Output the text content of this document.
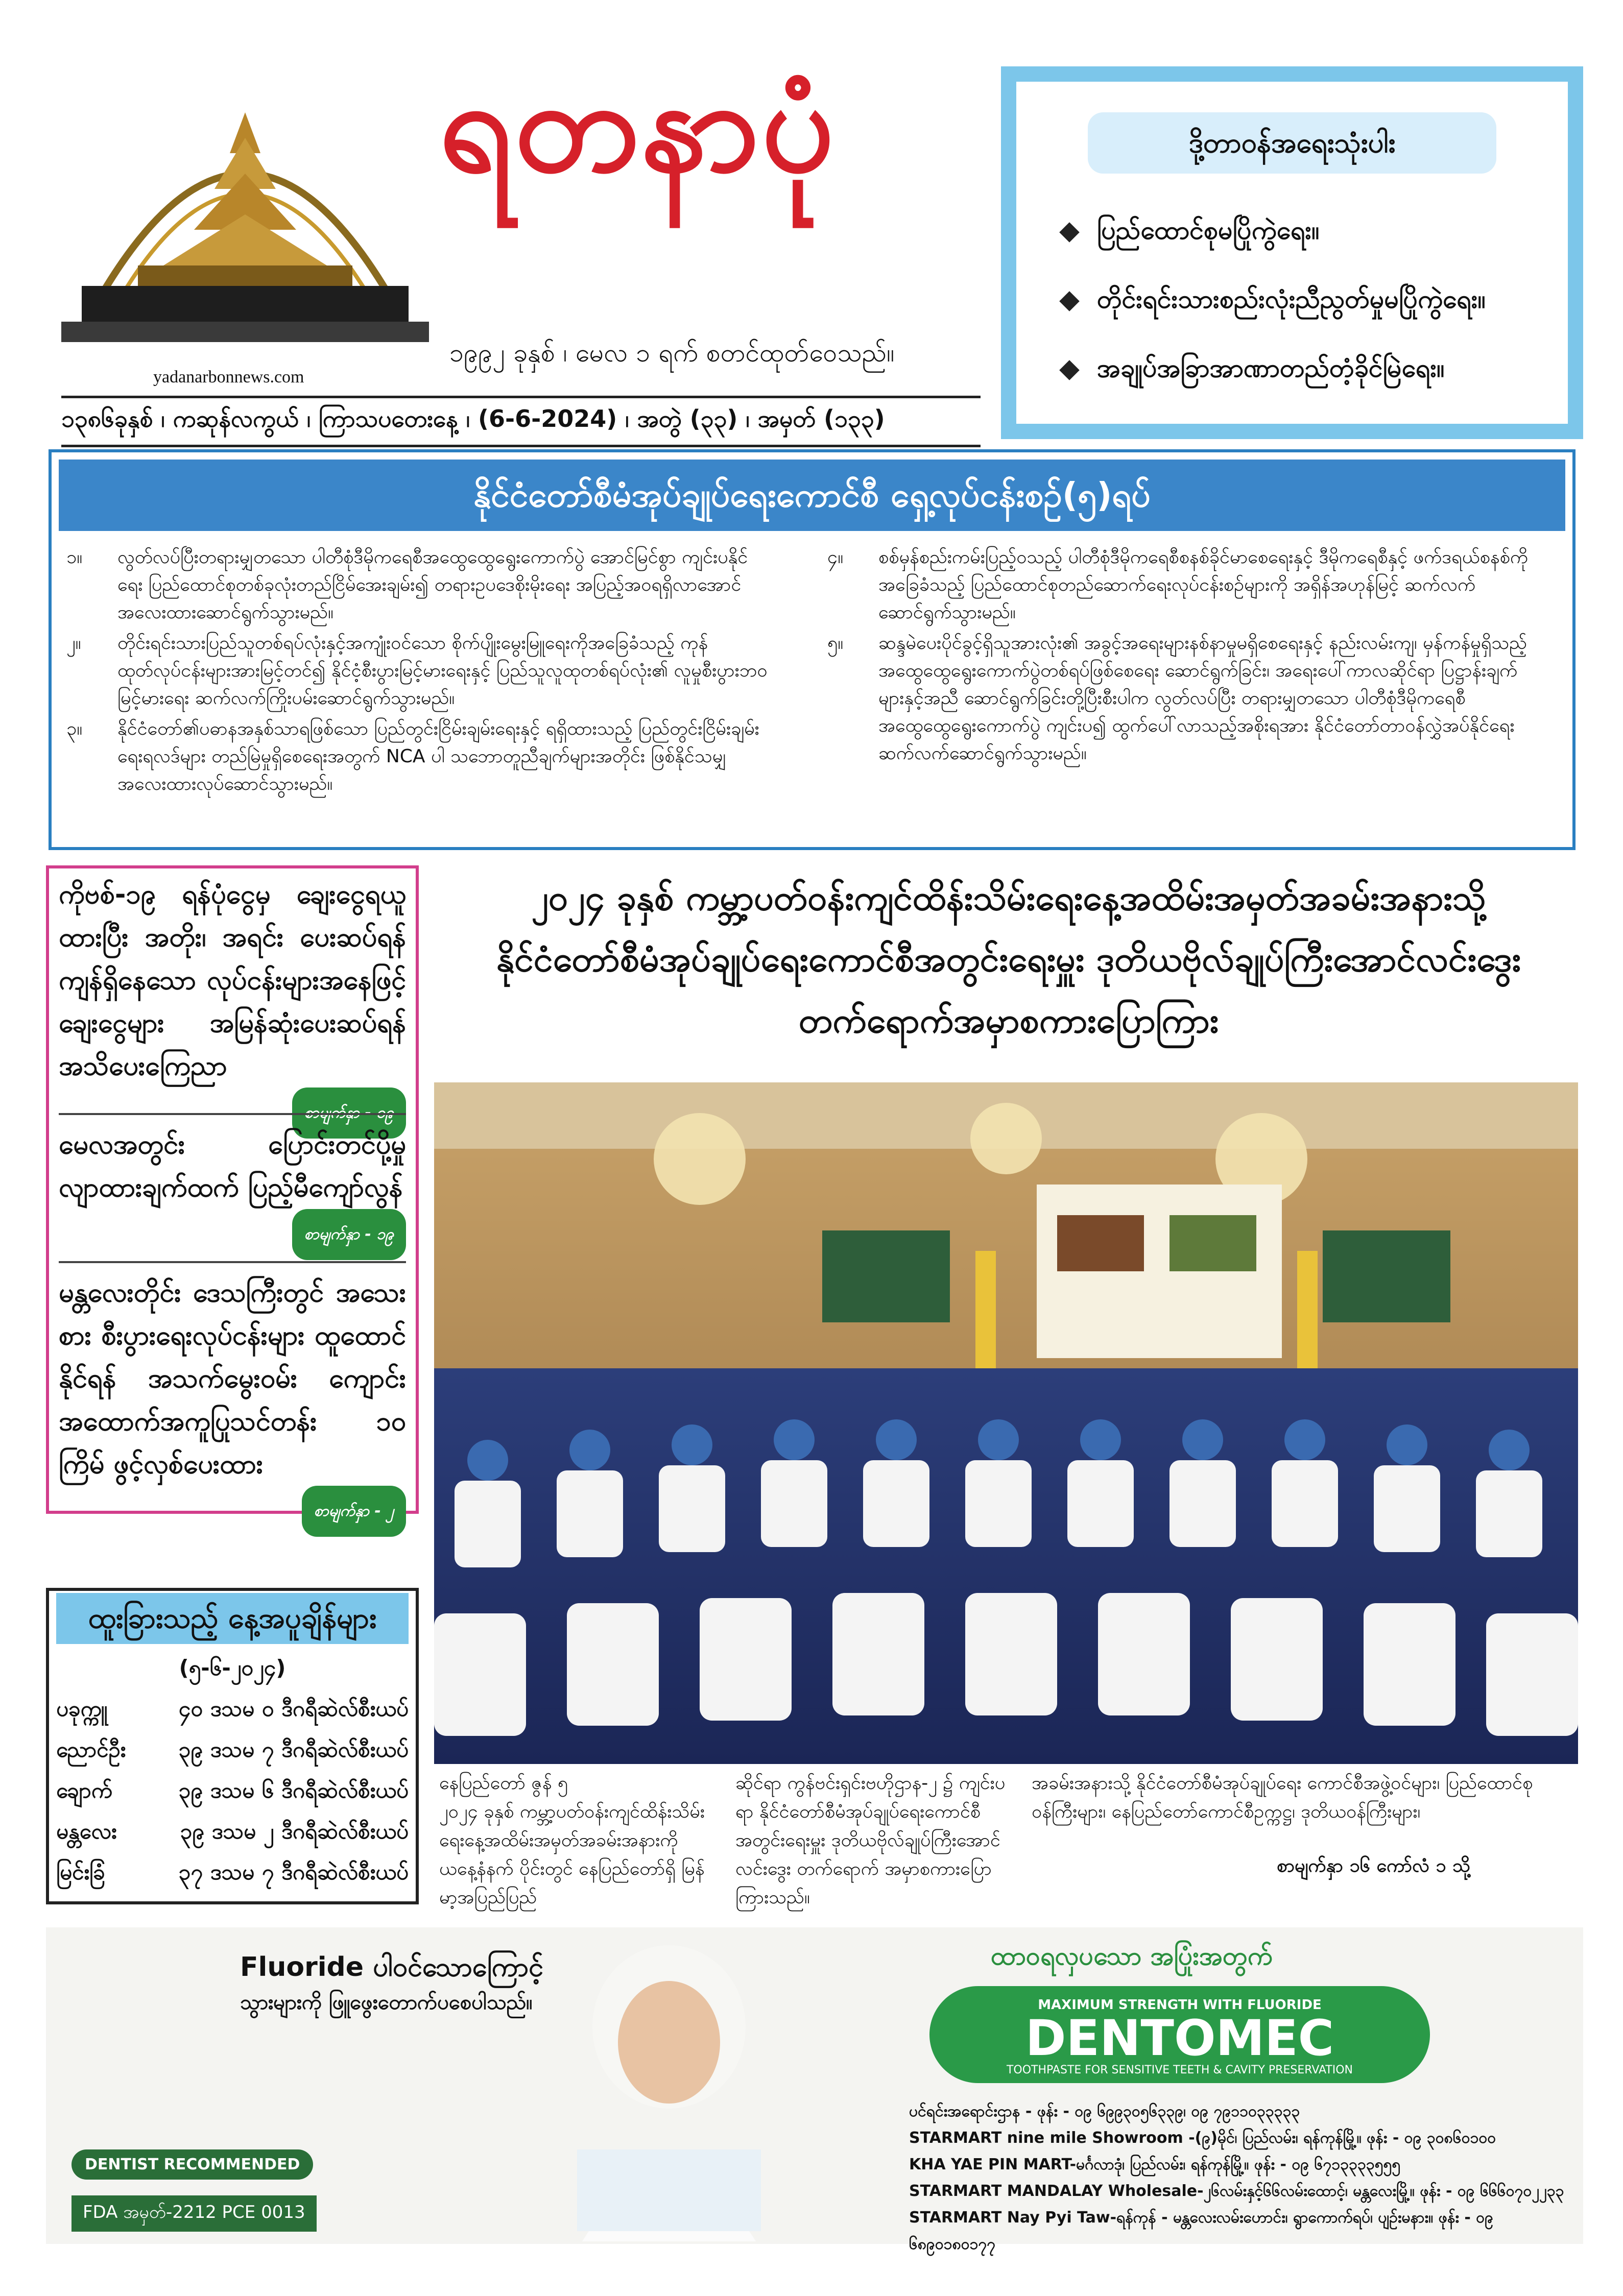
ရတနာပုံ
၁၉၉၂ ခုနှစ် ၊ မေလ ၁ ရက် စတင်ထုတ်ဝေသည်။
yadanarbonnews.com
၁၃၈၆ခုနှစ် ၊ ကဆုန်လကွယ် ၊ ကြာသပတေးနေ့ ၊ (6-6-2024) ၊ အတွဲ (၃၃) ၊ အမှတ် (၁၃၃)
ဒို့တာဝန်အရေးသုံးပါး
ပြည်ထောင်စုမပြိုကွဲရေး။
တိုင်းရင်းသားစည်းလုံးညီညွတ်မှုမပြိုကွဲရေး။
အချုပ်အခြာအာဏာတည်တံ့ခိုင်မြဲရေး။
နိုင်ငံတော်စီမံအုပ်ချုပ်ရေးကောင်စီ ရှေ့လုပ်ငန်းစဉ်(၅)ရပ်
၁။	လွတ်လပ်ပြီးတရားမျှတသော ပါတီစုံဒီမိုကရေစီအထွေထွေရွေးကောက်ပွဲ အောင်မြင်စွာ ကျင်းပနိုင်ရေး ပြည်ထောင်စုတစ်ခုလုံးတည်ငြိမ်အေးချမ်း၍ တရားဥပဒေစိုးမိုးရေး အပြည့်အဝရရှိလာအောင် အလေးထားဆောင်ရွက်သွားမည်။
၂။	တိုင်းရင်းသားပြည်သူတစ်ရပ်လုံးနှင့်အကျုံးဝင်သော စိုက်ပျိုးမွေးမြူရေးကိုအခြေခံသည့် ကုန်ထုတ်လုပ်ငန်းများအားမြင့်တင်၍ နိုင်ငံ့စီးပွားမြင့်မားရေးနှင့် ပြည်သူလူထုတစ်ရပ်လုံး၏ လူမှုစီးပွားဘဝမြင့်မားရေး ဆက်လက်ကြိုးပမ်းဆောင်ရွက်သွားမည်။
၃။	နိုင်ငံတော်၏ပဓာနအနှစ်သာရဖြစ်သော ပြည်တွင်းငြိမ်းချမ်းရေးနှင့် ရရှိထားသည့် ပြည်တွင်းငြိမ်းချမ်းရေးရလဒ်များ တည်မြဲမှုရှိစေရေးအတွက် NCA ပါ သဘောတူညီချက်များအတိုင်း ဖြစ်နိုင်သမျှ အလေးထားလုပ်ဆောင်သွားမည်။
၄။	စစ်မှန်စည်းကမ်းပြည့်ဝသည့် ပါတီစုံဒီမိုကရေစီစနစ်ခိုင်မာစေရေးနှင့် ဒီမိုကရေစီနှင့် ဖက်ဒရယ်စနစ်ကို အခြေခံသည့် ပြည်ထောင်စုတည်ဆောက်ရေးလုပ်ငန်းစဉ်များကို အရှိန်အဟုန်မြင့် ဆက်လက်ဆောင်ရွက်သွားမည်။
၅။	ဆန္ဒမဲပေးပိုင်ခွင့်ရှိသူအားလုံး၏ အခွင့်အရေးများနစ်နာမှုမရှိစေရေးနှင့် နည်းလမ်းကျ၊ မှန်ကန်မှုရှိသည့် အထွေထွေရွေးကောက်ပွဲတစ်ရပ်ဖြစ်စေရေး ဆောင်ရွက်ခြင်း၊ အရေးပေါ်ကာလဆိုင်ရာ ပြဋ္ဌာန်းချက်များနှင့်အညီ ဆောင်ရွက်ခြင်းတို့ပြီးစီးပါက လွတ်လပ်ပြီး တရားမျှတသော ပါတီစုံဒီမိုကရေစီ အထွေထွေရွေးကောက်ပွဲ ကျင်းပ၍ ထွက်ပေါ်လာသည့်အစိုးရအား နိုင်ငံတော်တာဝန်လွှဲအပ်နိုင်ရေး ဆက်လက်ဆောင်ရွက်သွားမည်။
ကိုဗစ်-၁၉ ရန်ပုံငွေမှ ချေးငွေရယူထားပြီး အတိုး၊ အရင်း ပေးဆပ်ရန်ကျန်ရှိနေသော လုပ်ငန်းများအနေဖြင့် ချေးငွေများ အမြန်ဆုံးပေးဆပ်ရန် အသိပေးကြေညာ
မေလအတွင်း ပြောင်းတင်ပို့မှု လျာထားချက်ထက် ပြည့်မီကျော်လွန်
စာမျက်နှာ - ၁၉
မန္တလေးတိုင်း ဒေသကြီးတွင် အသေးစား စီးပွားရေးလုပ်ငန်းများ ထူထောင်နိုင်ရန် အသက်မွေးဝမ်း ကျောင်းအထောက်အကူပြုသင်တန်း ၁၀ ကြိမ် ဖွင့်လှစ်ပေးထား
စာမျက်နှာ - ၂
ထူးခြားသည့် နေ့အပူချိန်များ
(၅-၆-၂၀၂၄)
ပခုက္ကူ	၄၀ ဒသမ ၀ ဒီဂရီဆဲလ်စီးယပ်
ညောင်ဦး ၃၉ ဒသမ ၇ ဒီဂရီဆဲလ်စီးယပ်
ချောက်	၃၉ ဒသမ ၆ ဒီဂရီဆဲလ်စီးယပ်
မန္တလေး	၃၉ ဒသမ ၂ ဒီဂရီဆဲလ်စီးယပ်
မြင်းခြံ	၃၇ ဒသမ ၇ ဒီဂရီဆဲလ်စီးယပ်
၂၀၂၄ ခုနှစ် ကမ္ဘာ့ပတ်ဝန်းကျင်ထိန်းသိမ်းရေးနေ့အထိမ်းအမှတ်အခမ်းအနားသို့
နိုင်ငံတော်စီမံအုပ်ချုပ်ရေးကောင်စီအတွင်းရေးမှူး ဒုတိယဗိုလ်ချုပ်ကြီးအောင်လင်းဒွေး
တက်ရောက်အမှာစကားပြောကြား
နေပြည်တော် ဇွန် ၅
၂၀၂၄ ခုနှစ် ကမ္ဘာ့ပတ်ဝန်းကျင်ထိန်းသိမ်းရေးနေ့အထိမ်းအမှတ်အခမ်းအနားကို ယနေ့နံနက် ပိုင်းတွင် နေပြည်တော်ရှိ မြန်မာ့အပြည်ပြည်
ဆိုင်ရာ ကွန်ဗင်းရှင်းဗဟိုဌာန-၂ ၌ ကျင်းပရာ နိုင်ငံတော်စီမံအုပ်ချုပ်ရေးကောင်စီအတွင်းရေးမှူး ဒုတိယဗိုလ်ချုပ်ကြီးအောင်လင်းဒွေး တက်ရောက် အမှာစကားပြောကြားသည်။
အခမ်းအနားသို့ နိုင်ငံတော်စီမံအုပ်ချုပ်ရေး ကောင်စီအဖွဲ့ဝင်များ၊ ပြည်ထောင်စုဝန်ကြီးများ၊ နေပြည်တော်ကောင်စီဥက္ကဋ္ဌ၊ ဒုတိယဝန်ကြီးများ၊
စာမျက်နှာ ၁၆ ကော်လံ ၁ သို့
Fluoride ပါဝင်သောကြောင့်
သွားများကို ဖြူဖွေးတောက်ပစေပါသည်။
DENTIST RECOMMENDED
FDA အမှတ်-2212 PCE 0013
ထာဝရလှပသော အပြုံးအတွက်
MAXIMUM STRENGTH WITH FLUORIDE
DENTOMEC
TOOTHPASTE FOR SENSITIVE TEETH & CAVITY PRESERVATION
ပင်ရင်းအရောင်းဌာန - ဖုန်း - ၀၉ ၆၉၉၃၀၅၆၃၃၉၊ ၀၉ ၇၉၁၁၀၃၃၃၃၃
STARMART nine mile Showroom -(၉)မိုင်၊ ပြည်လမ်း၊ ရန်ကုန်မြို့။ ဖုန်း - ၀၉ ၃၀၈၆၀၁၀၀
KHA YAE PIN MART-မင်္ဂလာဒုံ၊ ပြည်လမ်း၊ ရန်ကုန်မြို့။ ဖုန်း - ၀၉ ၆၇၁၃၃၃၃၅၅၅
STARMART MANDALAY Wholesale-၂၆လမ်းနှင့်၆၆လမ်းထောင့်၊ မန္တလေးမြို့။ ဖုန်း - ၀၉ ၆၆၆၀၇၀၂၂၃၃
STARMART Nay Pyi Taw-ရန်ကုန် - မန္တလေးလမ်းဟောင်း၊ ရွာကောက်ရပ်၊ ပျဉ်းမနား။ ဖုန်း - ၀၉ ၆၈၉၀၁၈၀၁၇၇
